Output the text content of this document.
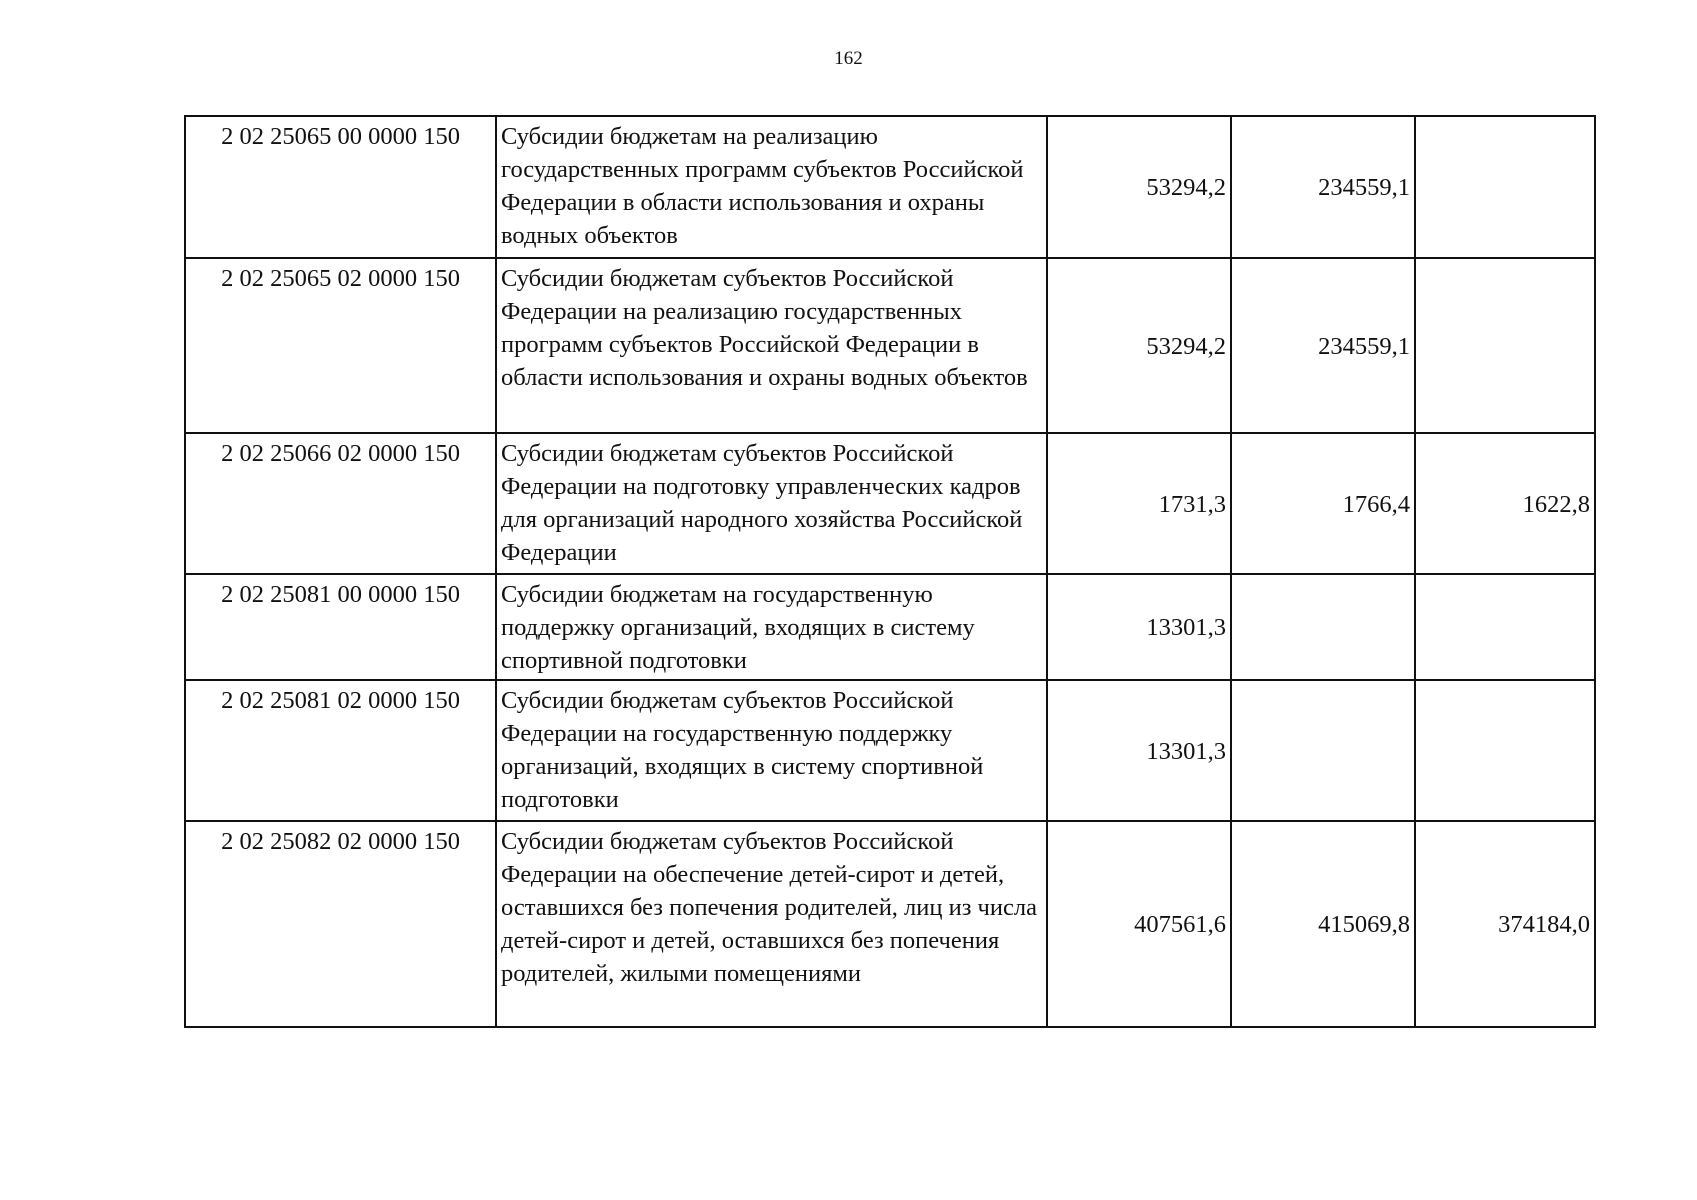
162
2 02 25065 00 0000 150	Субсидии бюджетам на реализацию государственных программ субъектов Российской Федерации в области использования и охраны водных объектов	53294,2	234559,1	
2 02 25065 02 0000 150	Субсидии бюджетам субъектов Российской Федерации на реализацию государственных программ субъектов Российской Федерации в области использования и охраны водных объектов	53294,2	234559,1	
2 02 25066 02 0000 150	Субсидии бюджетам субъектов Российской Федерации на подготовку управленческих кадров для организаций народного хозяйства Российской Федерации	1731,3	1766,4	1622,8
2 02 25081 00 0000 150	Субсидии бюджетам на государственную поддержку организаций, входящих в систему спортивной подготовки	13301,3		
2 02 25081 02 0000 150	Субсидии бюджетам субъектов Российской Федерации на государственную поддержку организаций, входящих в систему спортивной подготовки	13301,3		
2 02 25082 02 0000 150	Субсидии бюджетам субъектов Российской Федерации на обеспечение детей-сирот и детей, оставшихся без попечения родителей, лиц из числа детей-сирот и детей, оставшихся без попечения родителей, жилыми помещениями	407561,6	415069,8	374184,0
